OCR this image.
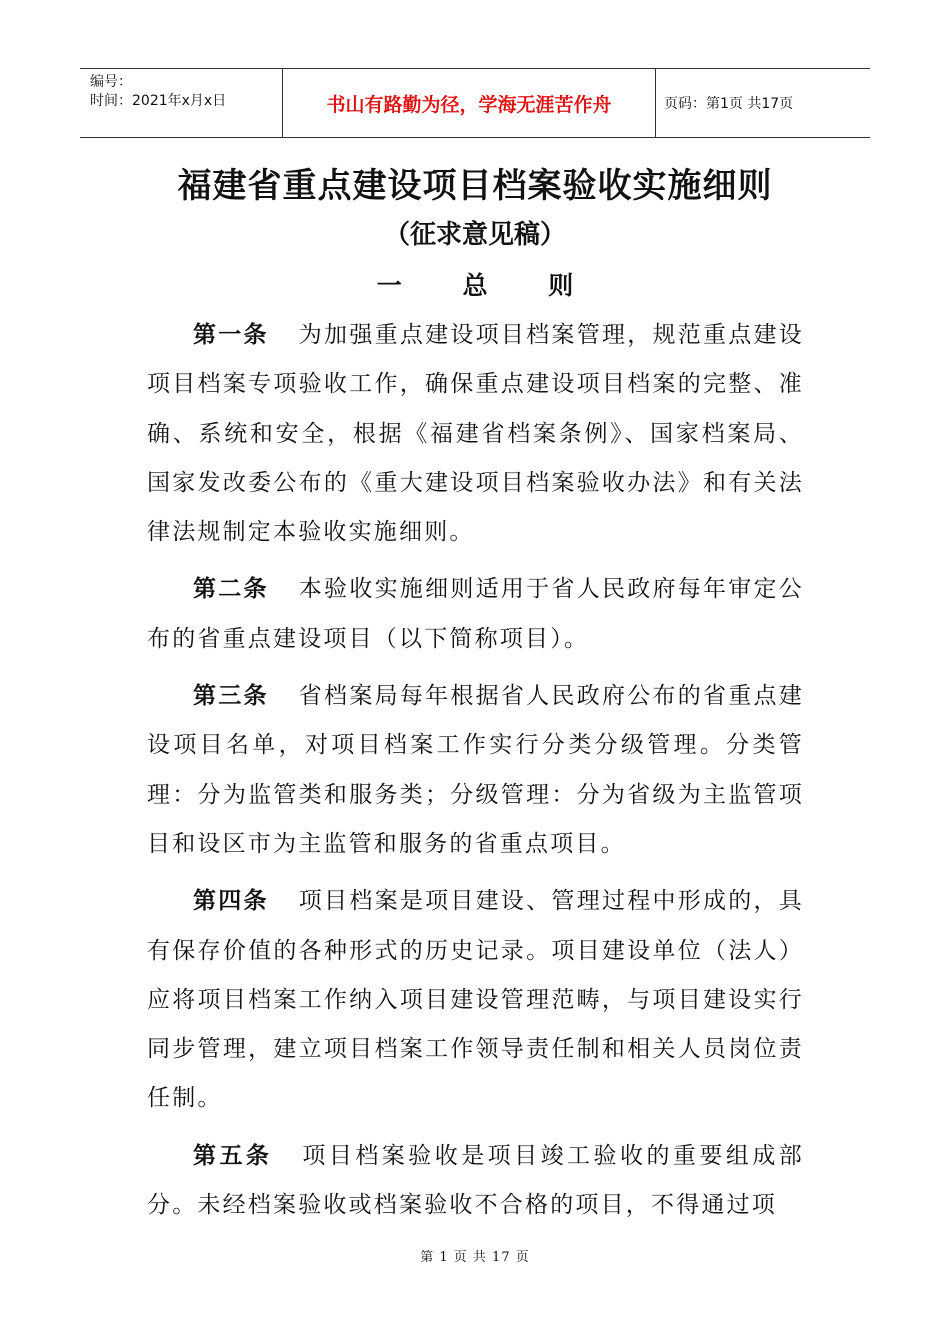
编号：
时间：2021年x月x日	书山有路勤为径，学海无涯苦作舟	页码：第1页 共17页
福建省重点建设项目档案验收实施细则
（征求意见稿）
一 总 则

第一条 为加强重点建设项目档案管理，规范重点建设项目档案专项验收工作，确保重点建设项目档案的完整、准确、系统和安全，根据《福建省档案条例》、国家档案局、国家发改委公布的《重大建设项目档案验收办法》和有关法律法规制定本验收实施细则。

第二条 本验收实施细则适用于省人民政府每年审定公布的省重点建设项目（以下简称项目）。

第三条 省档案局每年根据省人民政府公布的省重点建设项目名单，对项目档案工作实行分类分级管理。分类管理：分为监管类和服务类；分级管理：分为省级为主监管项目和设区市为主监管和服务的省重点项目。

第四条 项目档案是项目建设、管理过程中形成的，具有保存价值的各种形式的历史记录。项目建设单位（法人）应将项目档案工作纳入项目建设管理范畴，与项目建设实行同步管理，建立项目档案工作领导责任制和相关人员岗位责任制。

第五条 项目档案验收是项目竣工验收的重要组成部分。未经档案验收或档案验收不合格的项目，不得通过项

第 1 页 共 17 页
